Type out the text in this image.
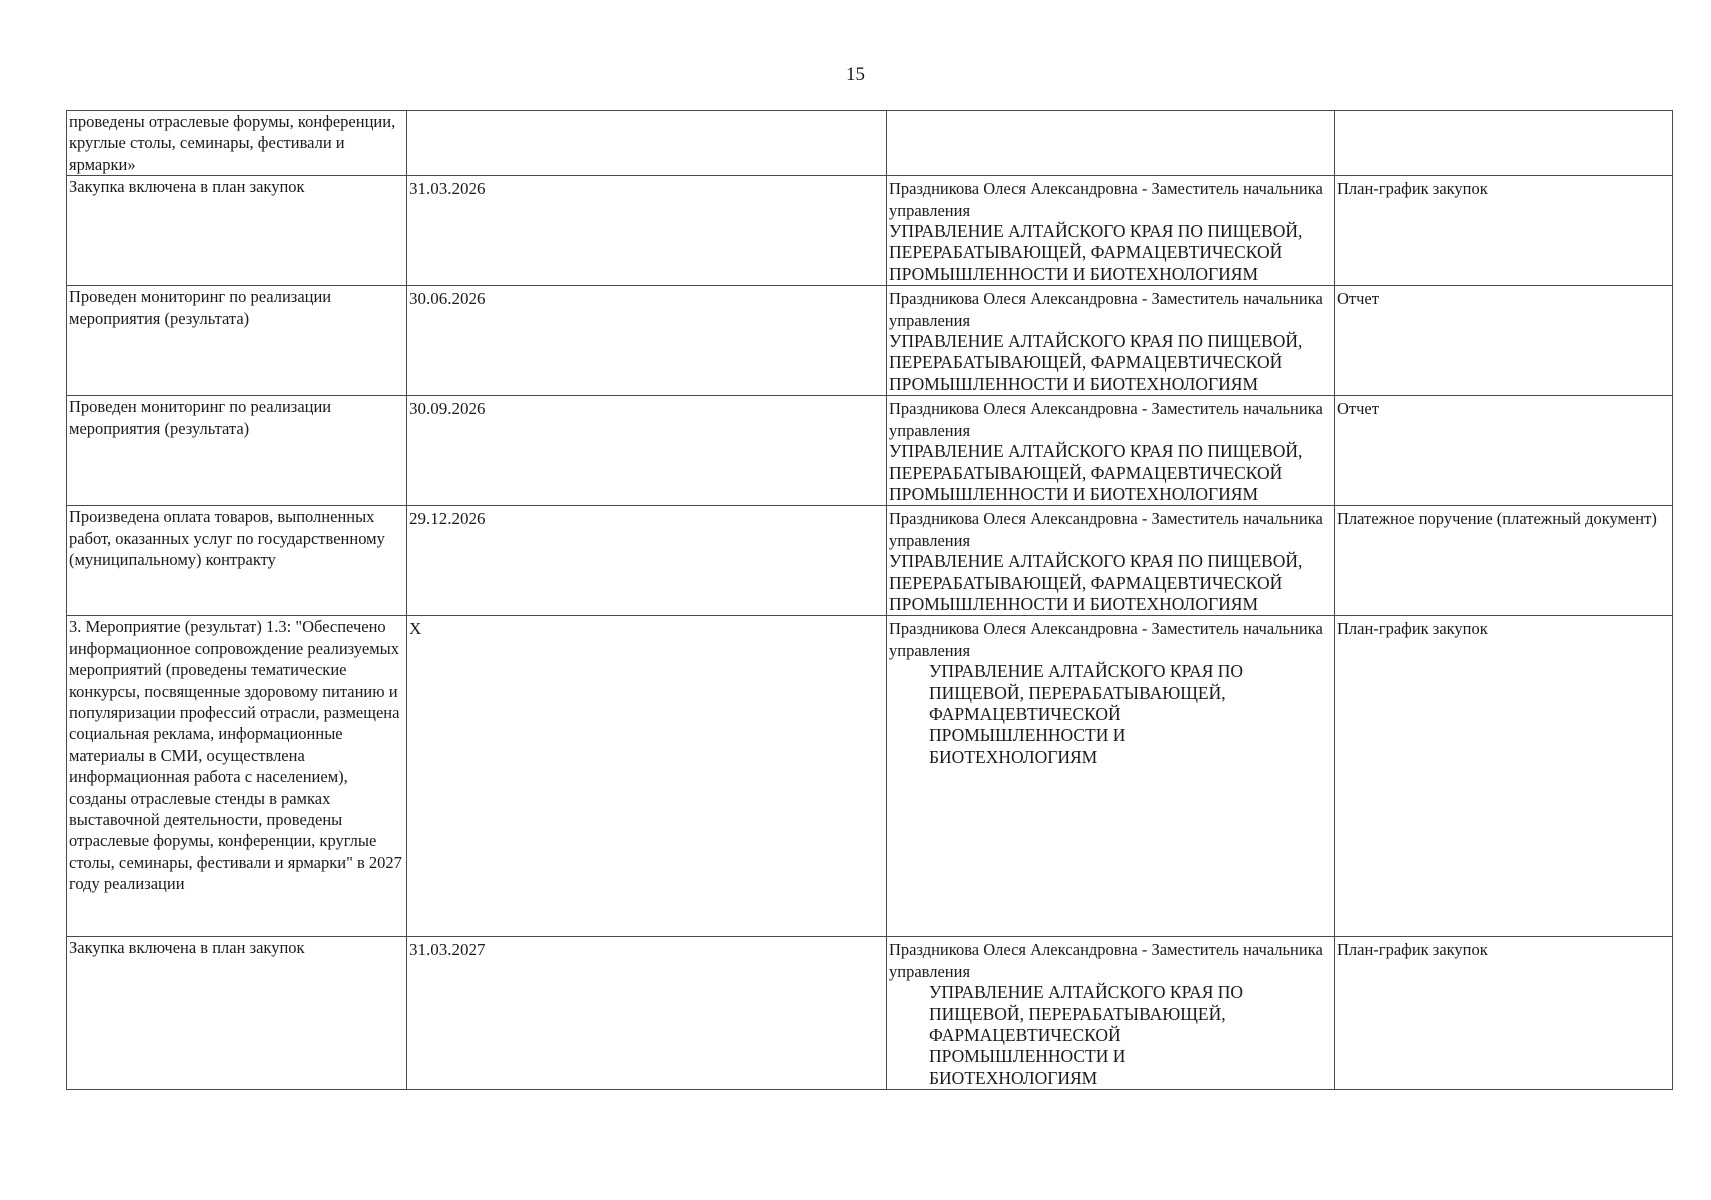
15
проведены отраслевые форумы, конференции, круглые столы, семинары, фестивали и ярмарки»		

Закупка включена в план закупок	31.03.2026	Праздникова Олеся Александровна - Заместитель начальника управления
УПРАВЛЕНИЕ АЛТАЙСКОГО КРАЯ ПО ПИЩЕВОЙ, ПЕРЕРАБАТЫВАЮЩЕЙ, ФАРМАЦЕВТИЧЕСКОЙ ПРОМЫШЛЕННОСТИ И БИОТЕХНОЛОГИЯМ	План-график закупок
Проведен мониторинг по реализации мероприятия (результата)	30.06.2026	Праздникова Олеся Александровна - Заместитель начальника управления
УПРАВЛЕНИЕ АЛТАЙСКОГО КРАЯ ПО ПИЩЕВОЙ, ПЕРЕРАБАТЫВАЮЩЕЙ, ФАРМАЦЕВТИЧЕСКОЙ ПРОМЫШЛЕННОСТИ И БИОТЕХНОЛОГИЯМ	Отчет
Проведен мониторинг по реализации мероприятия (результата)	30.09.2026	Праздникова Олеся Александровна - Заместитель начальника управления
УПРАВЛЕНИЕ АЛТАЙСКОГО КРАЯ ПО ПИЩЕВОЙ, ПЕРЕРАБАТЫВАЮЩЕЙ, ФАРМАЦЕВТИЧЕСКОЙ ПРОМЫШЛЕННОСТИ И БИОТЕХНОЛОГИЯМ	Отчет
Произведена оплата товаров, выполненных работ, оказанных услуг по государственному (муниципальному) контракту	29.12.2026	Праздникова Олеся Александровна - Заместитель начальника управления
УПРАВЛЕНИЕ АЛТАЙСКОГО КРАЯ ПО ПИЩЕВОЙ, ПЕРЕРАБАТЫВАЮЩЕЙ, ФАРМАЦЕВТИЧЕСКОЙ ПРОМЫШЛЕННОСТИ И БИОТЕХНОЛОГИЯМ	Платежное поручение (платежный документ)
3. Мероприятие (результат) 1.3: "Обеспечено информационное сопровождение реализуемых мероприятий (проведены тематические конкурсы, посвященные здоровому питанию и популяризации профессий отрасли, размещена социальная реклама, информационные материалы в СМИ, осуществлена информационная работа с населением), созданы отраслевые стенды в рамках выставочной деятельности, проведены отраслевые форумы, конференции, круглые столы, семинары, фестивали и ярмарки" в 2027 году реализации	X	Праздникова Олеся Александровна - Заместитель начальника управления
УПРАВЛЕНИЕ АЛТАЙСКОГО КРАЯ ПО ПИЩЕВОЙ, ПЕРЕРАБАТЫВАЮЩЕЙ, ФАРМАЦЕВТИЧЕСКОЙ ПРОМЫШЛЕННОСТИ И БИОТЕХНОЛОГИЯМ	План-график закупок
Закупка включена в план закупок	31.03.2027	Праздникова Олеся Александровна - Заместитель начальника управления
УПРАВЛЕНИЕ АЛТАЙСКОГО КРАЯ ПО ПИЩЕВОЙ, ПЕРЕРАБАТЫВАЮЩЕЙ, ФАРМАЦЕВТИЧЕСКОЙ ПРОМЫШЛЕННОСТИ И БИОТЕХНОЛОГИЯМ	План-график закупок
